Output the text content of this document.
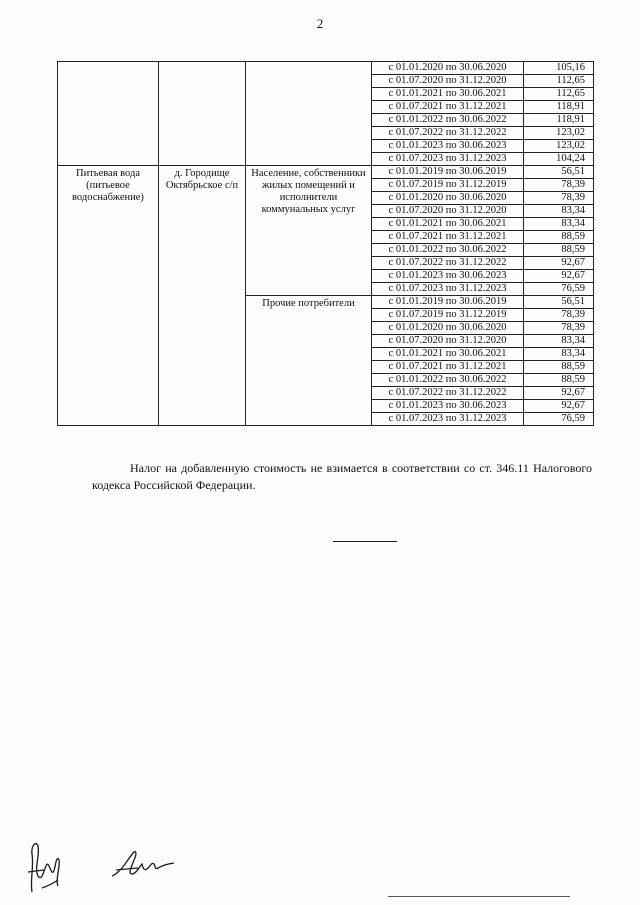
2
			с 01.01.2020 по 30.06.2020	105,16
			с 01.07.2020 по 31.12.2020	112,65
			с 01.01.2021 по 30.06.2021	112,65
			с 01.07.2021 по 31.12.2021	118,91
			с 01.01.2022 по 30.06.2022	118,91
			с 01.07.2022 по 31.12.2022	123,02
			с 01.01.2023 по 30.06.2023	123,02
			с 01.07.2023 по 31.12.2023	104,24
Питьевая вода (питьевое водоснабжение)	д. Городище Октябрьское с/п	Население, собственники жилых помещений и исполнители коммунальных услуг	с 01.01.2019 по 30.06.2019	56,51
			с 01.07.2019 по 31.12.2019	78,39
			с 01.01.2020 по 30.06.2020	78,39
			с 01.07.2020 по 31.12.2020	83,34
			с 01.01.2021 по 30.06.2021	83,34
			с 01.07.2021 по 31.12.2021	88,59
			с 01.01.2022 по 30.06.2022	88,59
			с 01.07.2022 по 31.12.2022	92,67
			с 01.01.2023 по 30.06.2023	92,67
			с 01.07.2023 по 31.12.2023	76,59
		Прочие потребители	с 01.01.2019 по 30.06.2019	56,51
			с 01.07.2019 по 31.12.2019	78,39
			с 01.01.2020 по 30.06.2020	78,39
			с 01.07.2020 по 31.12.2020	83,34
			с 01.01.2021 по 30.06.2021	83,34
			с 01.07.2021 по 31.12.2021	88,59
			с 01.01.2022 по 30.06.2022	88,59
			с 01.07.2022 по 31.12.2022	92,67
			с 01.01.2023 по 30.06.2023	92,67
			с 01.07.2023 по 31.12.2023	76,59
Налог на добавленную стоимость не взимается в соответствии со ст. 346.11 Налогового кодекса Российской Федерации.
